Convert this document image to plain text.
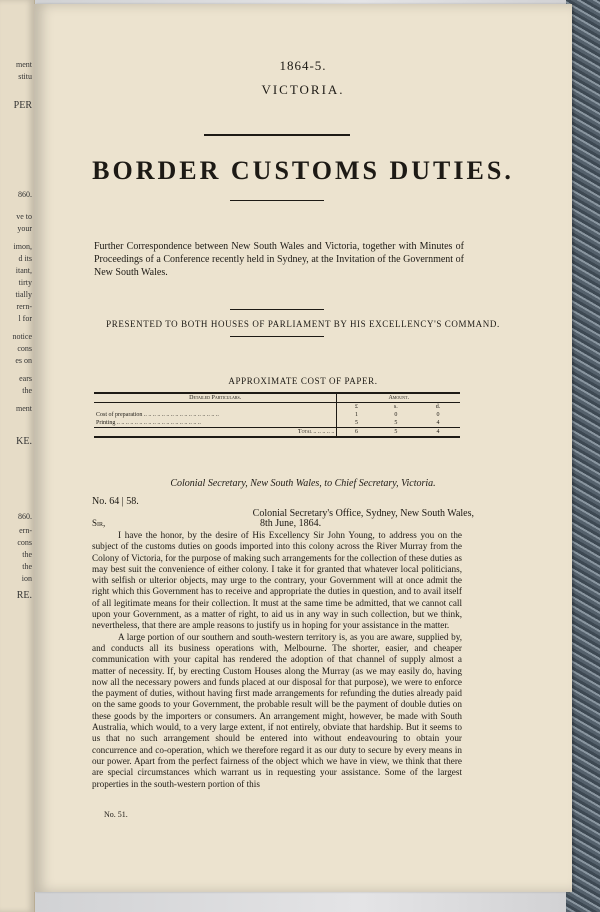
ment
stitu
PER
860.
ve to
your
imon,
d its
itant,
tirty
tially
rern-
l for
notice
cons
es on
ears
the
ment
KE.
860.
ern-
cons
the
the
ion
RE.
1864-5.
VICTORIA.
BORDER CUSTOMS DUTIES.
Further Correspondence between New South Wales and Victoria, together with Minutes of Proceedings of a Conference recently held in Sydney, at the Invitation of the Government of New South Wales.
PRESENTED TO BOTH HOUSES OF PARLIAMENT BY HIS EXCELLENCY'S COMMAND.
APPROXIMATE COST OF PAPER.
Detailed Particulars.	Amount.		
	£	s.	d.
Cost of preparation .. .. .. .. .. .. .. .. .. .. .. .. .. .. .. .. ..	1	0	0
Printing .. .. .. .. .. .. .. .. .. .. .. .. .. .. .. .. .. .. ..	5	5	4
Total .. .. .. .. ..	6	5	4
Colonial Secretary, New South Wales, to Chief Secretary, Victoria.
No. 64 | 58.
Colonial Secretary's Office, Sydney, New South Wales,
Sir,	8th June, 1864.

I have the honor, by the desire of His Excellency Sir John Young, to address you on the subject of the customs duties on goods imported into this colony across the River Murray from the Colony of Victoria, for the purpose of making such arrangements for the collection of these duties as may best suit the convenience of either colony. I take it for granted that whatever local politicians, with selfish or ulterior objects, may urge to the contrary, your Government will at once admit the right which this Government has to receive and appropriate the duties in question, and to avail itself of all legitimate means for their collection. It must at the same time be admitted, that we cannot call upon your Government, as a matter of right, to aid us in any way in such collection, but we think, nevertheless, that there are ample reasons to justify us in hoping for your assistance in the matter.

A large portion of our southern and south-western territory is, as you are aware, supplied by, and conducts all its business operations with, Melbourne. The shorter, easier, and cheaper communication with your capital has rendered the adoption of that channel of supply almost a matter of necessity. If, by erecting Custom Houses along the Murray (as we may easily do, having now all the necessary powers and funds placed at our disposal for that purpose), we were to enforce the payment of duties, without having first made arrangements for refunding the duties already paid on the same goods to your Government, the probable result will be the payment of double duties on these goods by the importers or consumers. An arrangement might, however, be made with South Australia, which would, to a very large extent, if not entirely, obviate that hardship. But it seems to us that no such arrangement should be entered into without endeavouring to obtain your concurrence and co-operation, which we therefore regard it as our duty to secure by every means in our power. Apart from the perfect fairness of the object which we have in view, we think that there are special circumstances which warrant us in requesting your assistance. Some of the largest properties in the south-western portion of this

No. 51.
